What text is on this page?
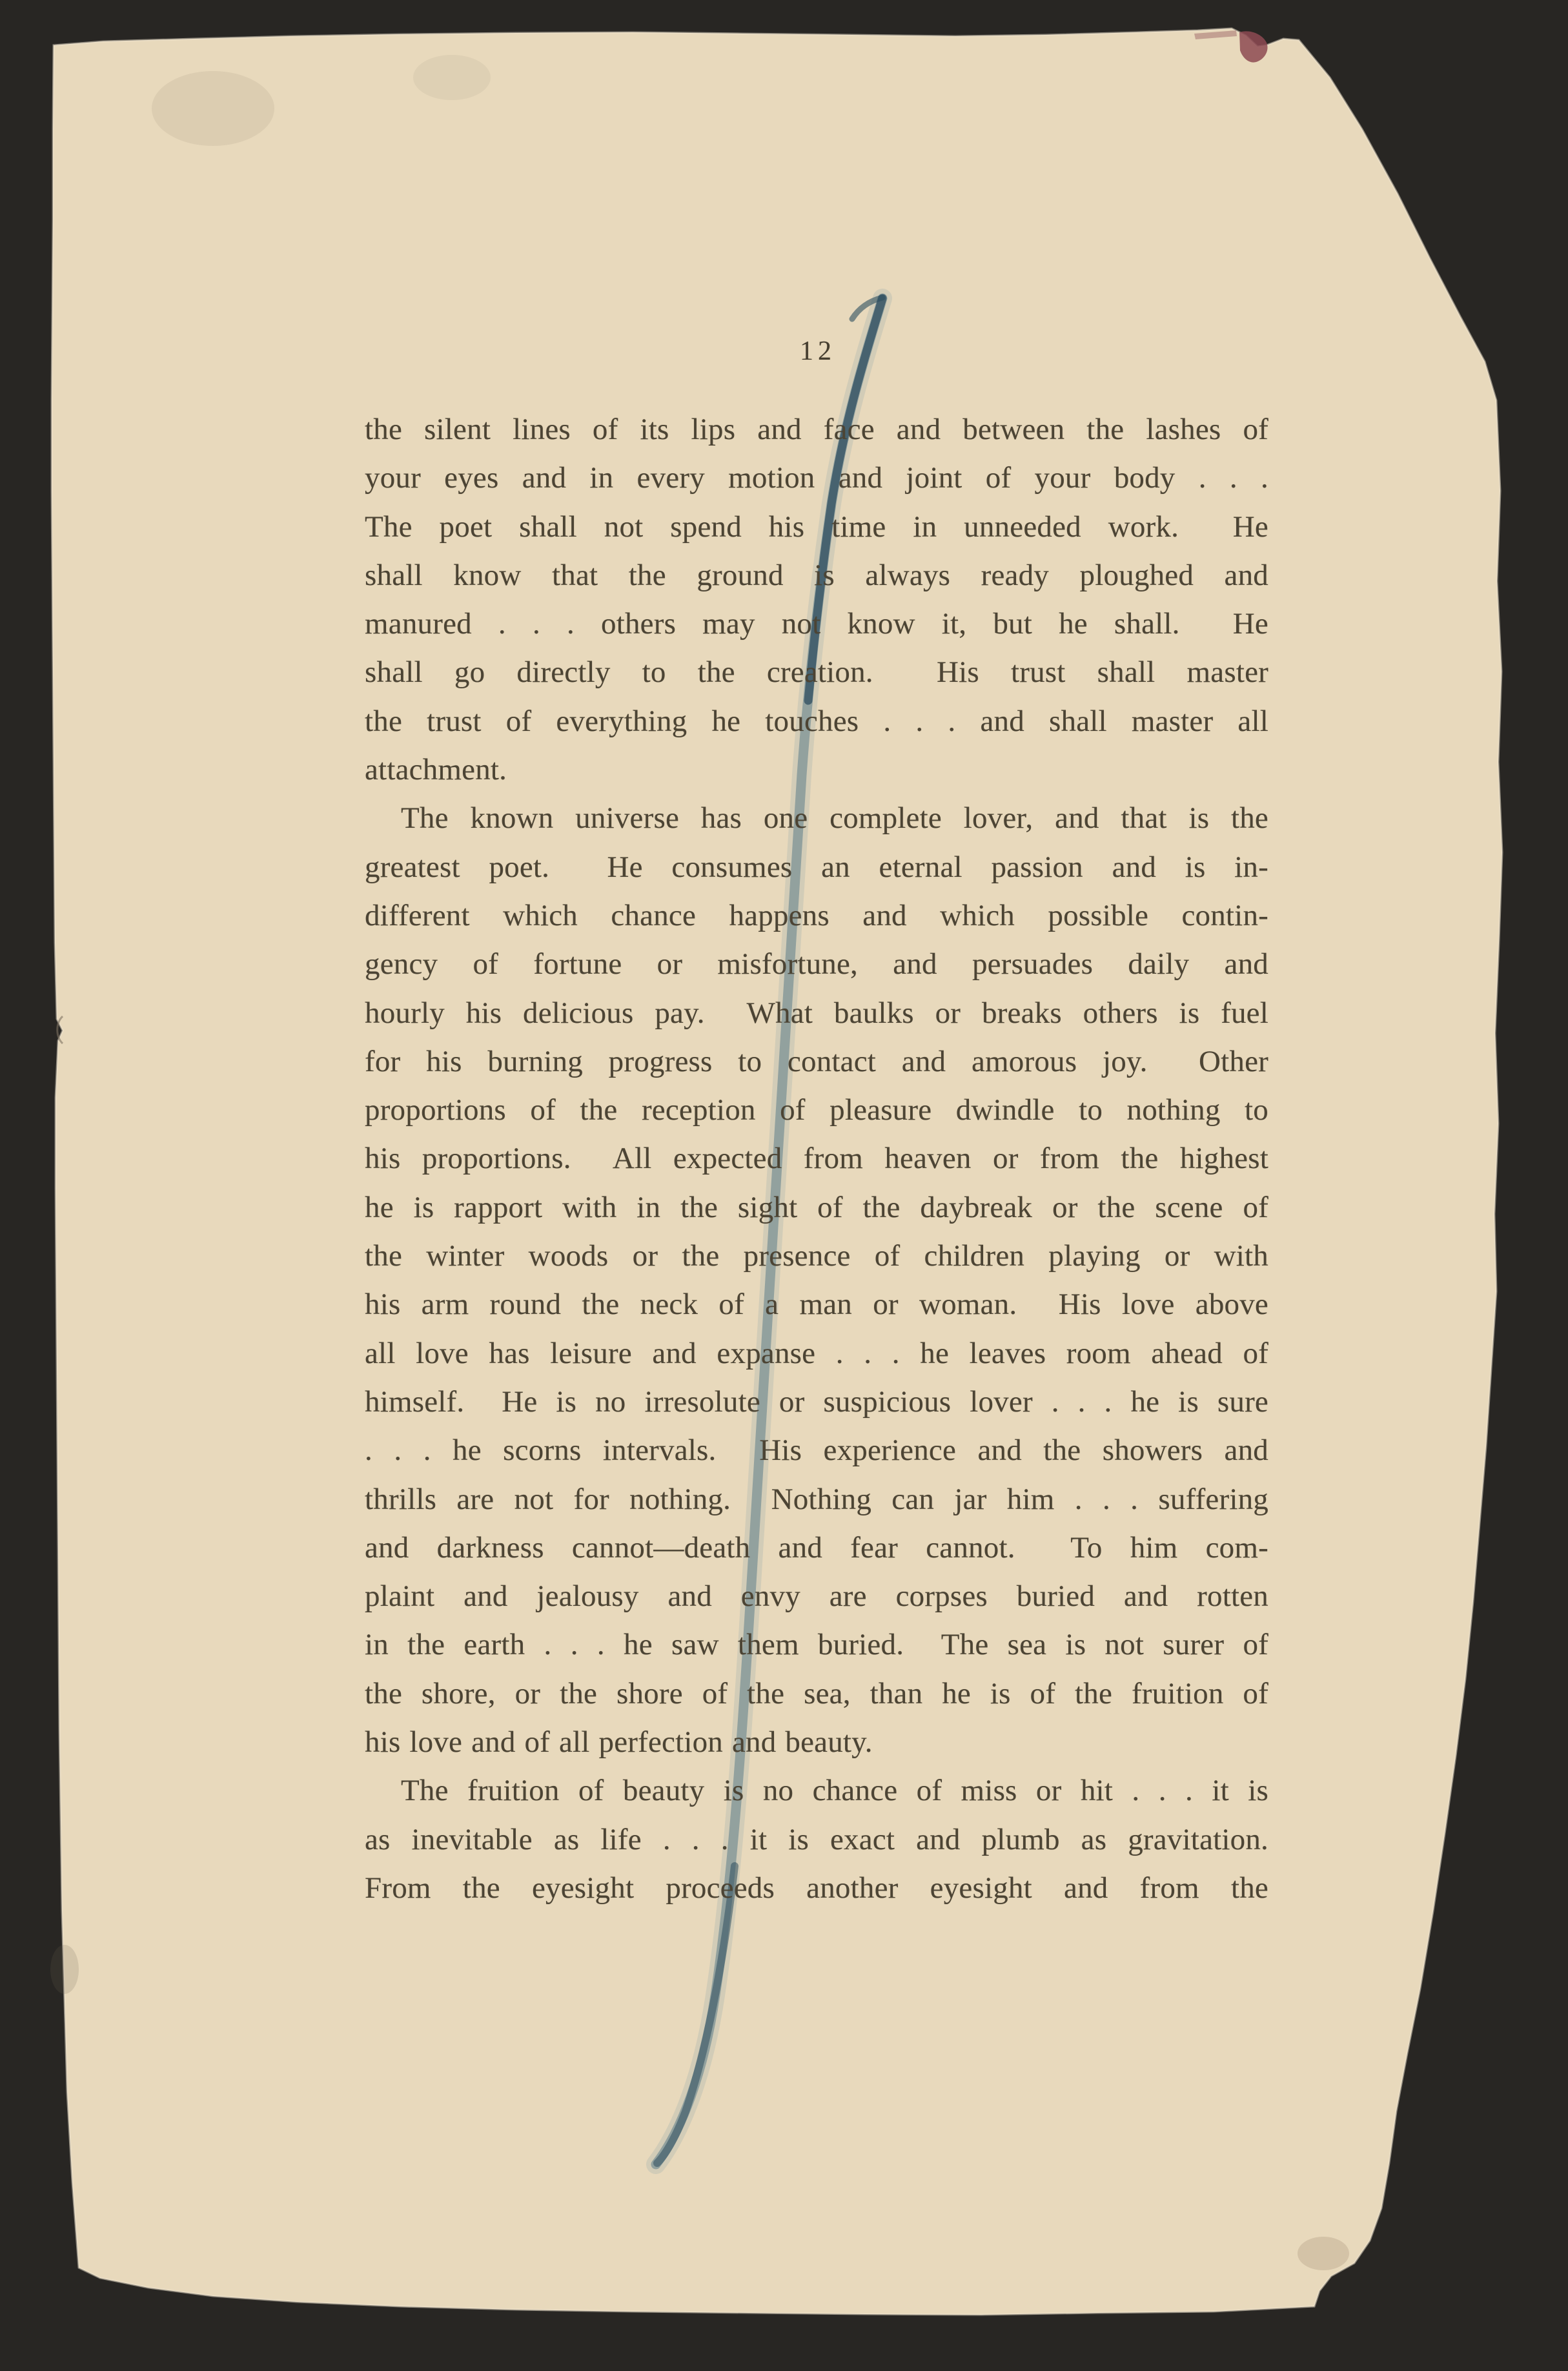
12
the silent lines of its lips and face and between the lashes of
your eyes and in every motion and joint of your body . . .
The poet shall not spend his time in unneeded work.  He
shall know that the ground is always ready ploughed and
manured . . . others may not know it, but he shall.  He
shall go directly to the creation.  His trust shall master
the trust of everything he touches . . . and shall master all
attachment.
The known universe has one complete lover, and that is the
greatest poet.  He consumes an eternal passion and is in-
different which chance happens and which possible contin-
gency of fortune or misfortune, and persuades daily and
hourly his delicious pay.  What baulks or breaks others is fuel
for his burning progress to contact and amorous joy.  Other
proportions of the reception of pleasure dwindle to nothing to
his proportions.  All expected from heaven or from the highest
he is rapport with in the sight of the daybreak or the scene of
the winter woods or the presence of children playing or with
his arm round the neck of a man or woman.  His love above
all love has leisure and expanse . . . he leaves room ahead of
himself.  He is no irresolute or suspicious lover . . . he is sure
. . . he scorns intervals.  His experience and the showers and
thrills are not for nothing.  Nothing can jar him . . . suffering
and darkness cannot—death and fear cannot.  To him com-
plaint and jealousy and envy are corpses buried and rotten
in the earth . . . he saw them buried.  The sea is not surer of
the shore, or the shore of the sea, than he is of the fruition of
his love and of all perfection and beauty.
The fruition of beauty is no chance of miss or hit . . . it is
as inevitable as life . . . it is exact and plumb as gravitation.
From the eyesight proceeds another eyesight and from the
